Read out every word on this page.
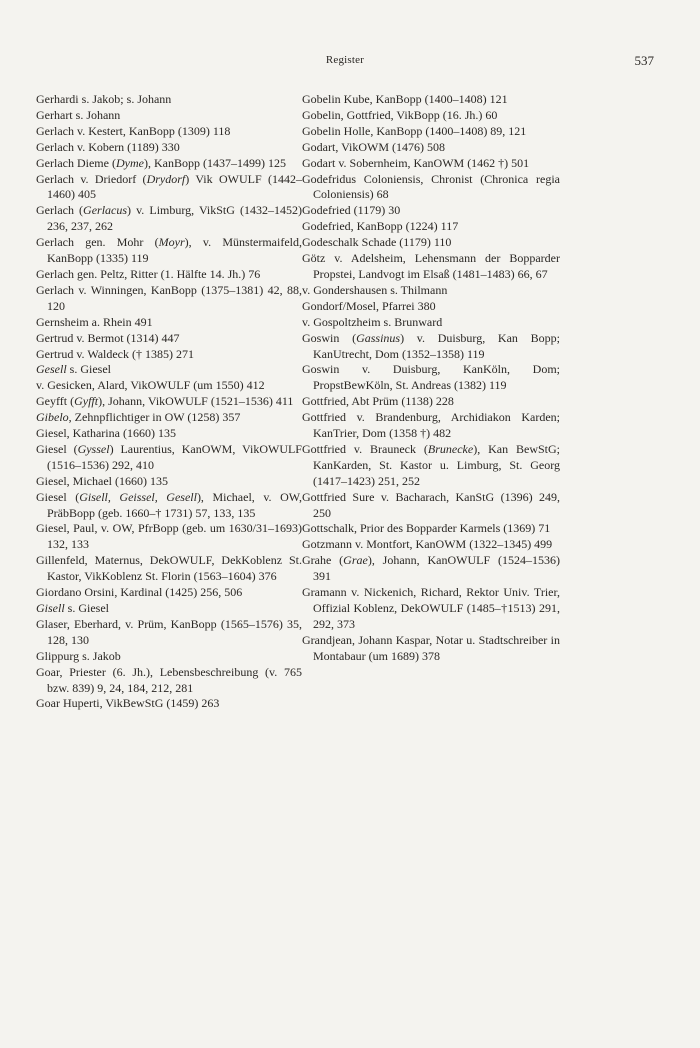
Register	537

Gerhardi s. Jakob; s. Johann

Gerhart s. Johann

Gerlach v. Kestert, KanBopp (1309) 118

Gerlach v. Kobern (1189) 330

Gerlach Dieme (Dyme), KanBopp (1437–1499) 125

Gerlach v. Driedorf (Drydorf) Vik OWULF (1442–1460) 405

Gerlach (Gerlacus) v. Limburg, VikStG (1432–1452) 236, 237, 262

Gerlach gen. Mohr (Moyr), v. Münstermaifeld, KanBopp (1335) 119

Gerlach gen. Peltz, Ritter (1. Hälfte 14. Jh.) 76

Gerlach v. Winningen, KanBopp (1375–1381) 42, 88, 120

Gernsheim a. Rhein 491

Gertrud v. Bermot (1314) 447

Gertrud v. Waldeck († 1385) 271

Gesell s. Giesel

v. Gesicken, Alard, VikOWULF (um 1550) 412

Geyfft (Gyfft), Johann, VikOWULF (1521–1536) 411

Gibelo, Zehnpflichtiger in OW (1258) 357

Giesel, Katharina (1660) 135

Giesel (Gyssel) Laurentius, KanOWM, VikOWULF (1516–1536) 292, 410

Giesel, Michael (1660) 135

Giesel (Gisell, Geissel, Gesell), Michael, v. OW, PräbBopp (geb. 1660–† 1731) 57, 133, 135

Giesel, Paul, v. OW, PfrBopp (geb. um 1630/31–1693) 132, 133

Gillenfeld, Maternus, DekOWULF, DekKoblenz St. Kastor, VikKoblenz St. Florin (1563–1604) 376

Giordano Orsini, Kardinal (1425) 256, 506

Gisell s. Giesel

Glaser, Eberhard, v. Prüm, KanBopp (1565–1576) 35, 128, 130

Glippurg s. Jakob

Goar, Priester (6. Jh.), Lebensbeschreibung (v. 765 bzw. 839) 9, 24, 184, 212, 281

Goar Huperti, VikBewStG (1459) 263

Gobelin Kube, KanBopp (1400–1408) 121

Gobelin, Gottfried, VikBopp (16. Jh.) 60

Gobelin Holle, KanBopp (1400–1408) 89, 121

Godart, VikOWM (1476) 508

Godart v. Sobernheim, KanOWM (1462 †) 501

Godefridus Coloniensis, Chronist (Chronica regia Coloniensis) 68

Godefried (1179) 30

Godefried, KanBopp (1224) 117

Godeschalk Schade (1179) 110

Götz v. Adelsheim, Lehensmann der Bopparder Propstei, Landvogt im Elsaß (1481–1483) 66, 67

v. Gondershausen s. Thilmann

Gondorf/Mosel, Pfarrei 380

v. Gospoltzheim s. Brunward

Goswin (Gassinus) v. Duisburg, Kan Bopp; KanUtrecht, Dom (1352–1358) 119

Goswin v. Duisburg, KanKöln, Dom; PropstBewKöln, St. Andreas (1382) 119

Gottfried, Abt Prüm (1138) 228

Gottfried v. Brandenburg, Archidiakon Karden; KanTrier, Dom (1358 †) 482

Gottfried v. Brauneck (Brunecke), Kan BewStG; KanKarden, St. Kastor u. Limburg, St. Georg (1417–1423) 251, 252

Gottfried Sure v. Bacharach, KanStG (1396) 249, 250

Gottschalk, Prior des Bopparder Karmels (1369) 71

Gotzmann v. Montfort, KanOWM (1322–1345) 499

Grahe (Grae), Johann, KanOWULF (1524–1536) 391

Gramann v. Nickenich, Richard, Rektor Univ. Trier, Offizial Koblenz, DekOWULF (1485–†1513) 291, 292, 373

Grandjean, Johann Kaspar, Notar u. Stadtschreiber in Montabaur (um 1689) 378
